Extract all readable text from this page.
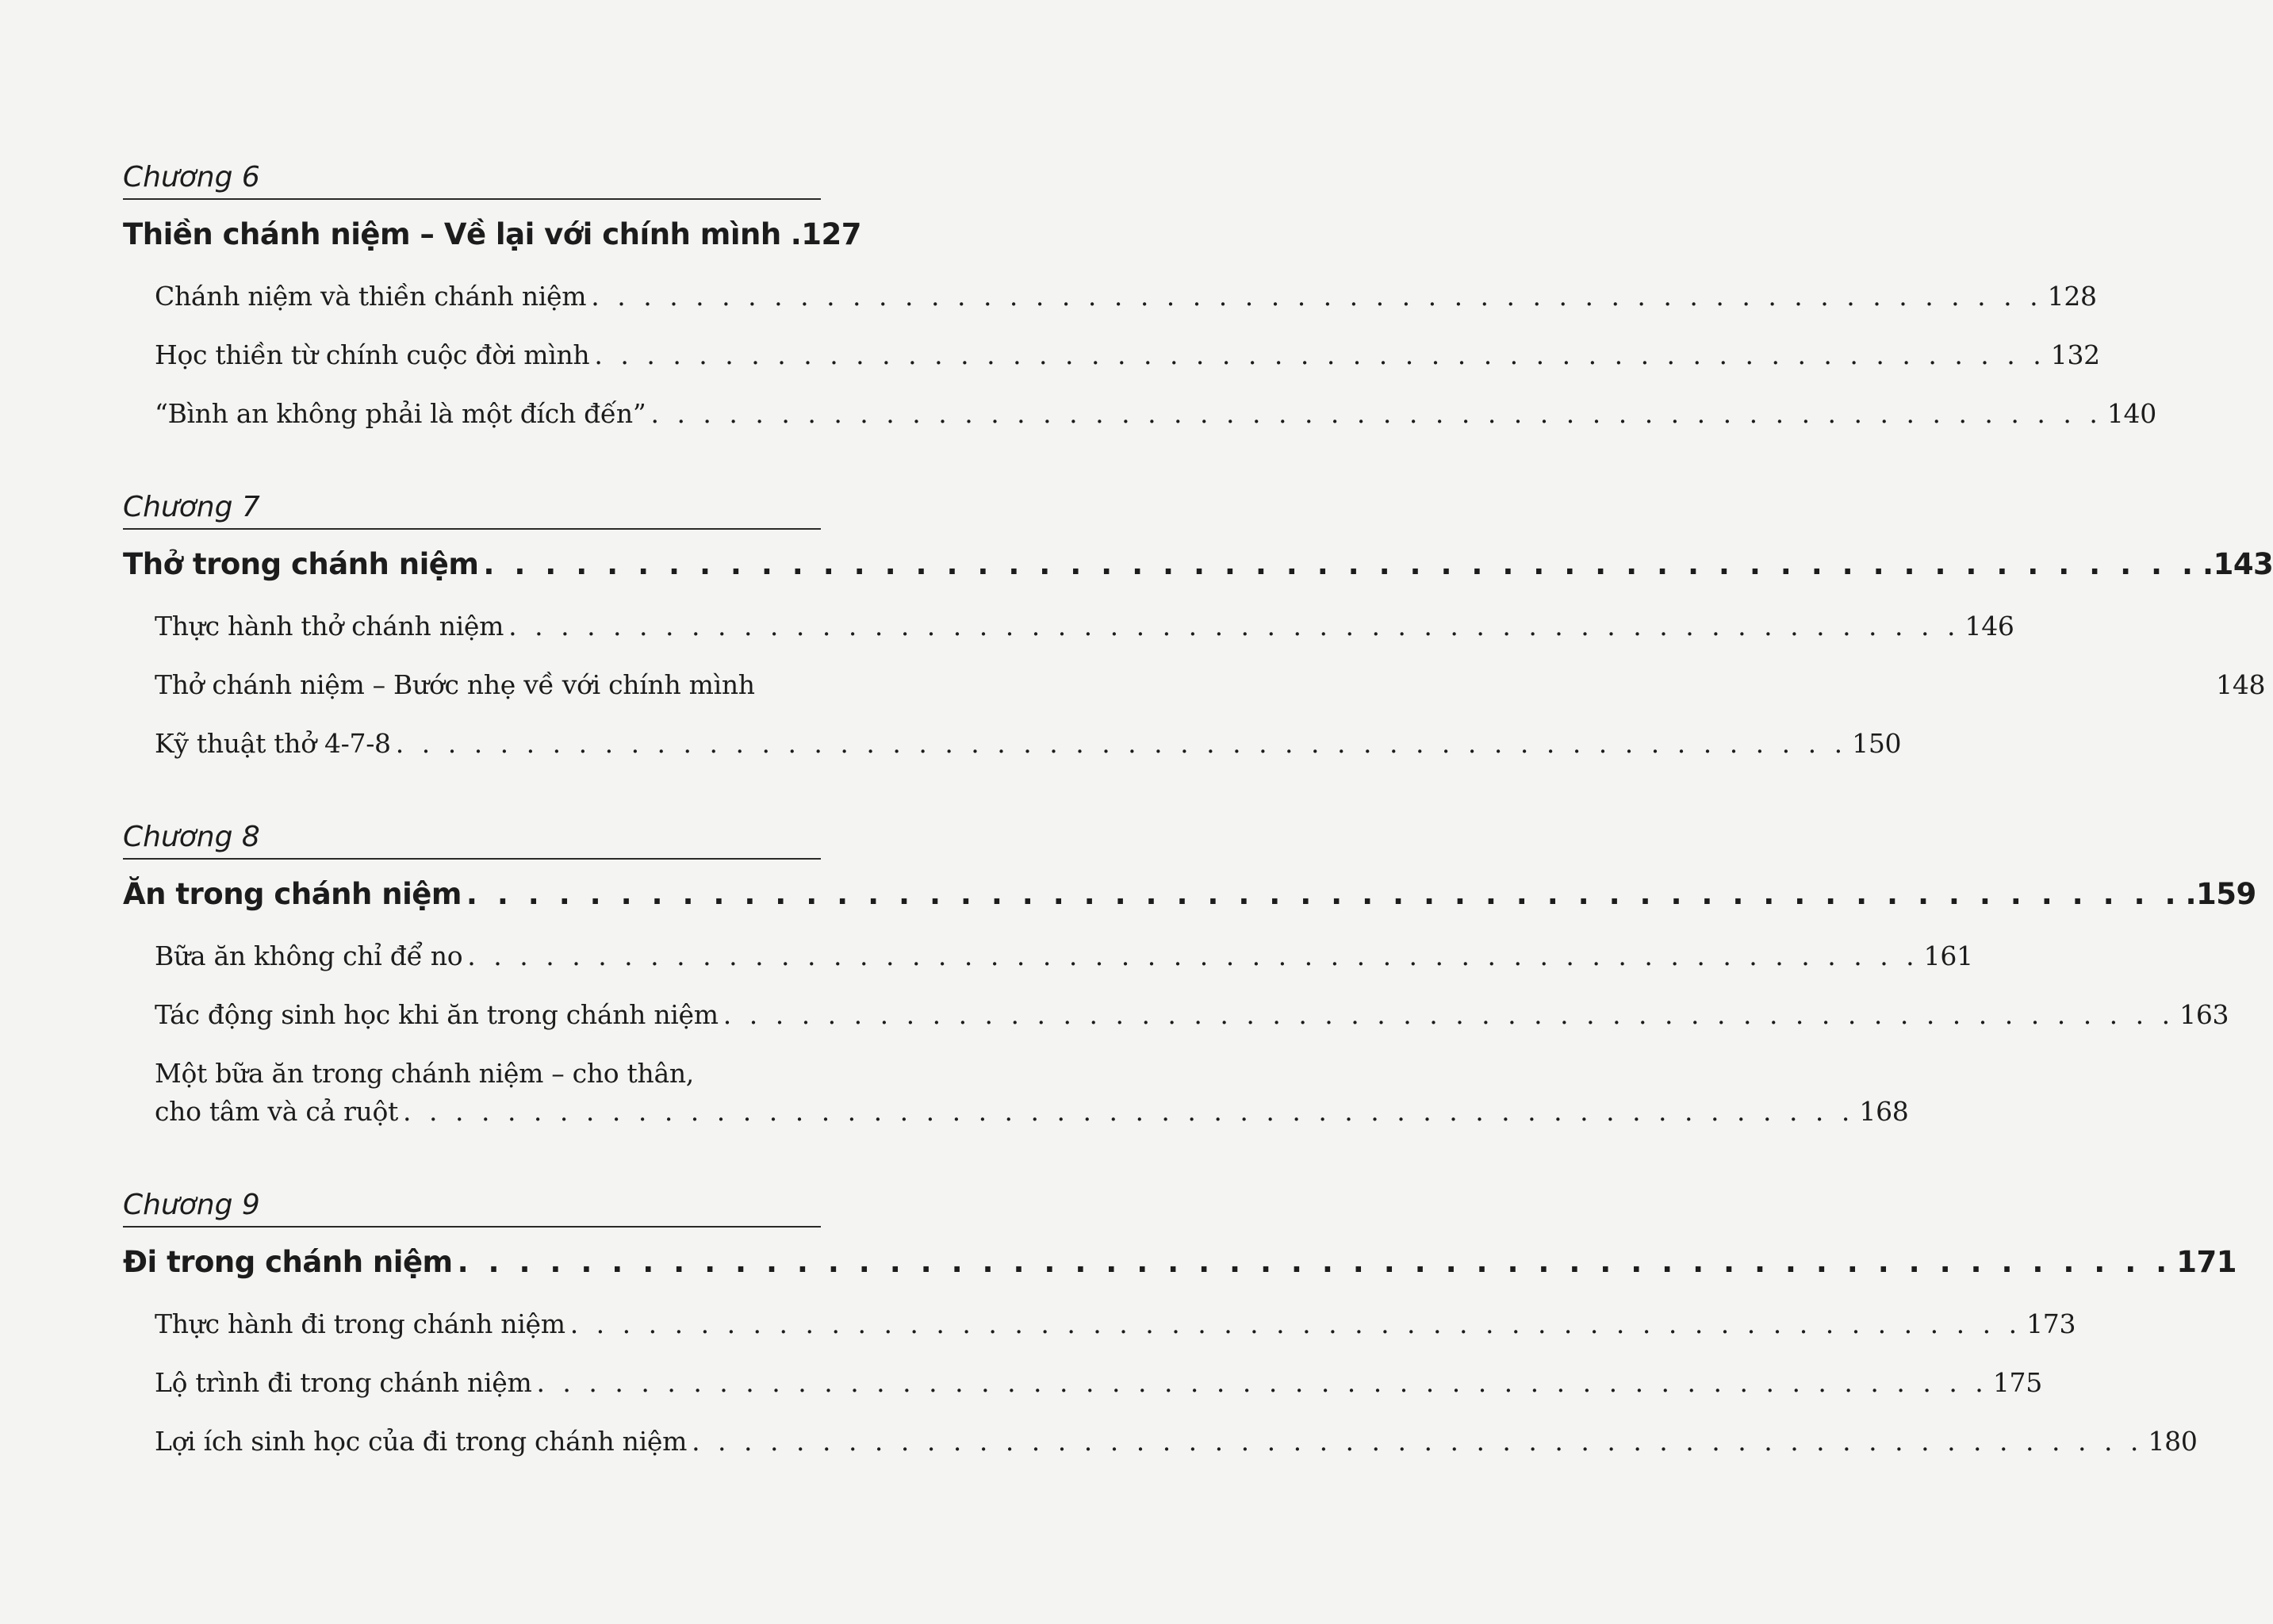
Chương 6

Thiền chánh niệm – Về lại với chính mình .127
Chánh niệm và thiền chánh niệm . . .	128
Học thiền từ chính cuộc đời mình . . .	132
“Bình an không phải là một đích đến” . . .	140

Chương 7

Thở trong chánh niệm . . .	.143
Thực hành thở chánh niệm . . .	146
Thở chánh niệm – Bước nhẹ về với chính mình	148
Kỹ thuật thở 4-7-8 . . .	150

Chương 8

Ăn trong chánh niệm . . .	.159
Bữa ăn không chỉ để no . . .	161
Tác động sinh học khi ăn trong chánh niệm . . .	163
Một bữa ăn trong chánh niệm – cho thân,
cho tâm và cả ruột . . .	168

Chương 9

Đi trong chánh niệm . . .	171
Thực hành đi trong chánh niệm . . .	173
Lộ trình đi trong chánh niệm . . .	175
Lợi ích sinh học của đi trong chánh niệm . . .	180
